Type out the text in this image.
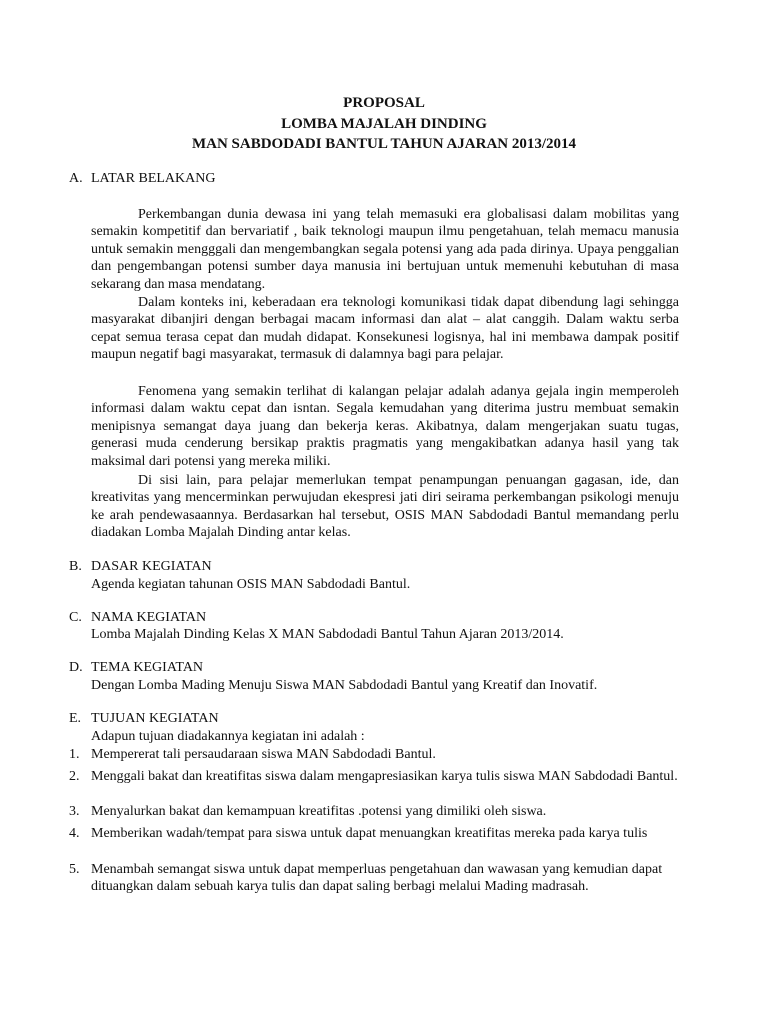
PROPOSAL
LOMBA MAJALAH DINDING
MAN SABDODADI BANTUL TAHUN AJARAN 2013/2014
A. LATAR BELAKANG

Perkembangan dunia dewasa ini yang telah memasuki era globalisasi dalam mobilitas yang semakin kompetitif dan bervariatif , baik teknologi maupun ilmu pengetahuan, telah memacu manusia untuk semakin mengggali dan mengembangkan segala potensi yang ada pada dirinya. Upaya penggalian dan pengembangan potensi sumber daya manusia ini bertujuan untuk memenuhi kebutuhan di masa sekarang dan masa mendatang.

Dalam konteks ini, keberadaan era teknologi komunikasi tidak dapat dibendung lagi sehingga masyarakat dibanjiri dengan berbagai macam informasi dan alat – alat canggih. Dalam waktu serba cepat semua terasa cepat dan mudah didapat. Konsekunesi logisnya, hal ini membawa dampak positif maupun negatif bagi masyarakat, termasuk di dalamnya bagi para pelajar.

Fenomena yang semakin terlihat di kalangan pelajar adalah adanya gejala ingin memperoleh informasi dalam waktu cepat dan isntan. Segala kemudahan yang diterima justru membuat semakin menipisnya semangat daya juang dan bekerja keras. Akibatnya, dalam mengerjakan suatu tugas, generasi muda cenderung bersikap praktis pragmatis yang mengakibatkan adanya hasil yang tak maksimal dari potensi yang mereka miliki.

Di sisi lain, para pelajar memerlukan tempat penampungan penuangan gagasan, ide, dan kreativitas yang mencerminkan perwujudan ekespresi jati diri seirama perkembangan psikologi menuju ke arah pendewasaannya. Berdasarkan hal tersebut, OSIS MAN Sabdodadi Bantul memandang perlu diadakan Lomba Majalah Dinding antar kelas.

B. DASAR KEGIATAN
Agenda kegiatan tahunan OSIS MAN Sabdodadi Bantul.
C. NAMA KEGIATAN
Lomba Majalah Dinding Kelas X MAN Sabdodadi Bantul Tahun Ajaran 2013/2014.
D. TEMA KEGIATAN
Dengan Lomba Mading Menuju Siswa MAN Sabdodadi Bantul yang Kreatif dan Inovatif.
E. TUJUAN KEGIATAN
Adapun tujuan diadakannya kegiatan ini adalah :
1. Mempererat tali persaudaraan siswa MAN Sabdodadi Bantul.
2. Menggali bakat dan kreatifitas siswa dalam mengapresiasikan karya tulis siswa MAN Sabdodadi Bantul.
3. Menyalurkan bakat dan kemampuan kreatifitas .potensi yang dimiliki oleh siswa.
4. Memberikan wadah/tempat para siswa untuk dapat menuangkan kreatifitas mereka pada karya tulis
5. Menambah semangat siswa untuk dapat memperluas pengetahuan dan wawasan yang kemudian dapat dituangkan dalam sebuah karya tulis dan dapat saling berbagi melalui Mading madrasah.
